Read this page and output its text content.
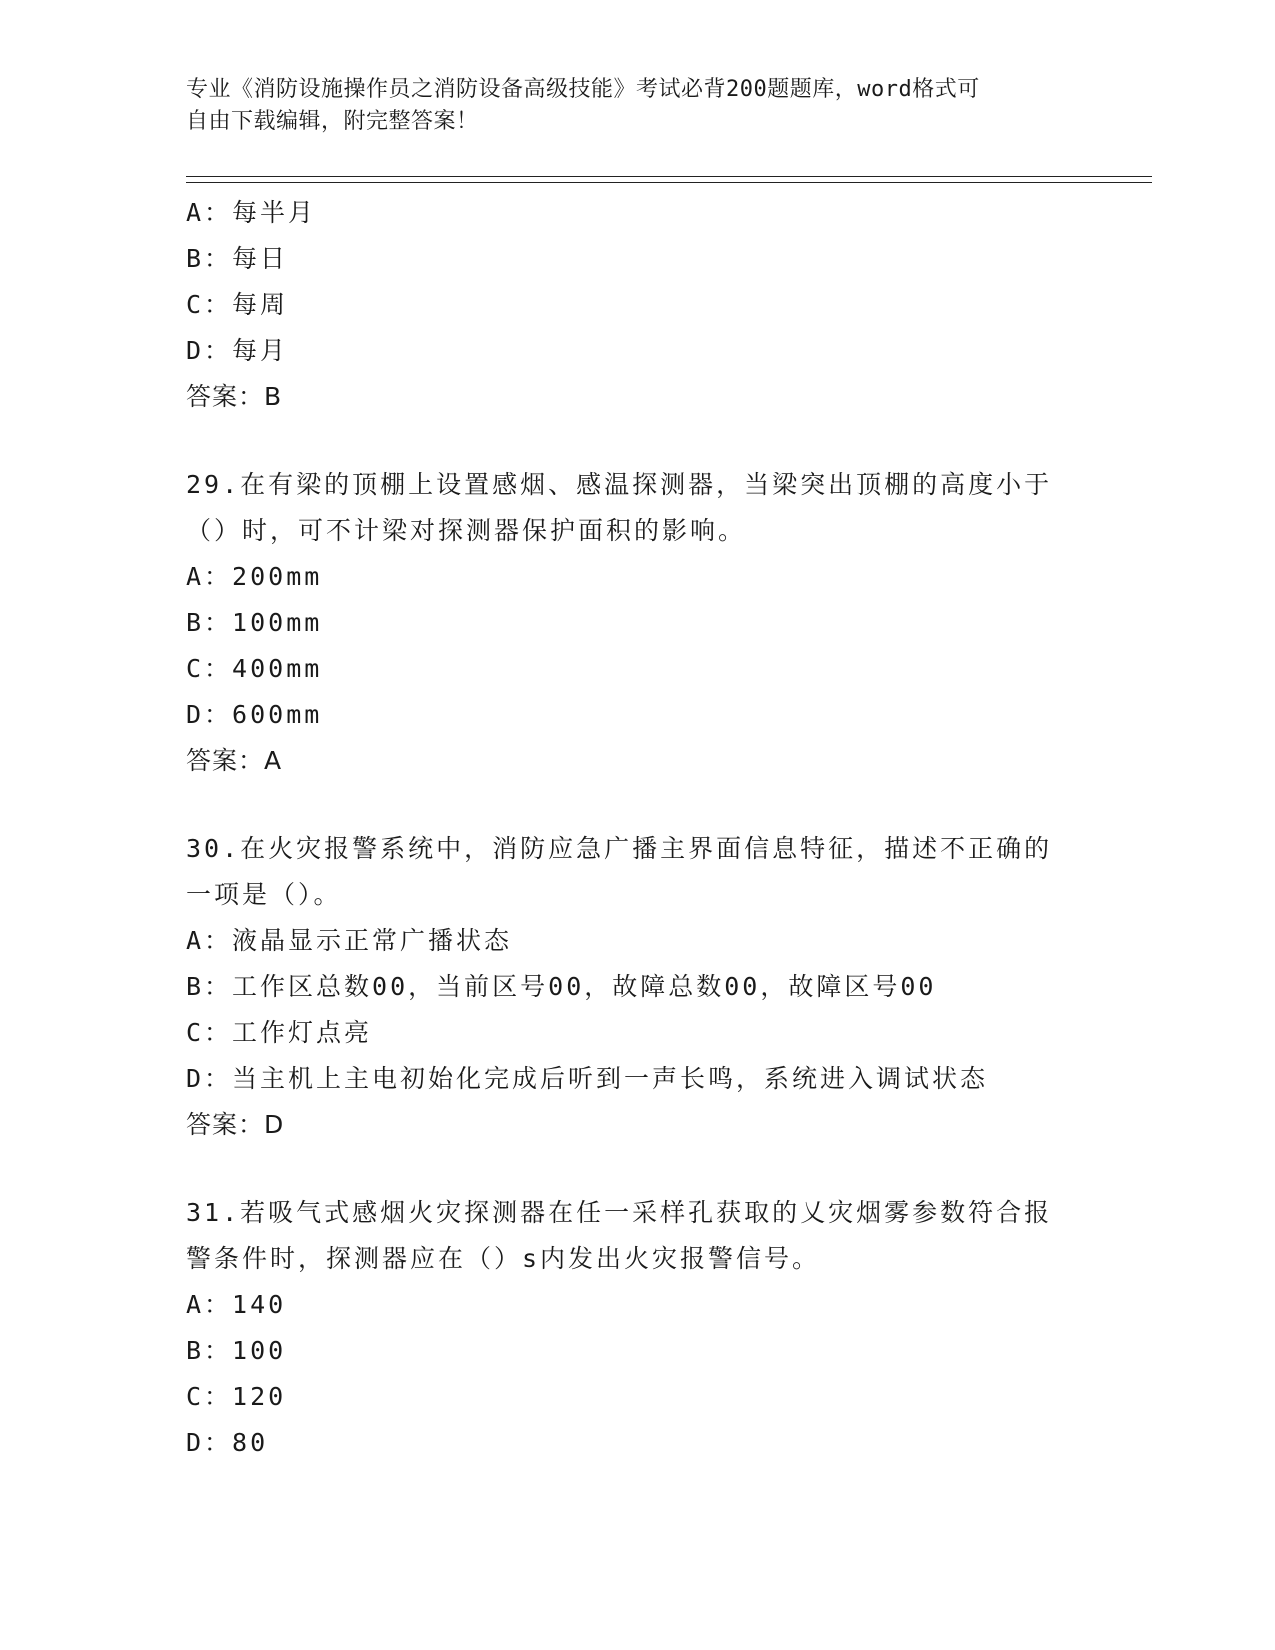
专业《消防设施操作员之消防设备高级技能》考试必背200题题库，word格式可
自由下载编辑，附完整答案！
A：每半月
B：每日
C：每周
D：每月
答案：B
29.在有梁的顶棚上设置感烟、感温探测器，当梁突出顶棚的高度小于
（）时，可不计梁对探测器保护面积的影响。
A：200mm
B：100mm
C：400mm
D：600mm
答案：A
30.在火灾报警系统中，消防应急广播主界面信息特征，描述不正确的
一项是（）。
A：液晶显示正常广播状态
B：工作区总数00，当前区号00，故障总数00，故障区号00
C：工作灯点亮
D：当主机上主电初始化完成后听到一声长鸣，系统进入调试状态
答案：D
31.若吸气式感烟火灾探测器在任一采样孔获取的乂灾烟雾参数符合报
警条件时，探测器应在（）s内发出火灾报警信号。
A：140
B：100
C：120
D：80
